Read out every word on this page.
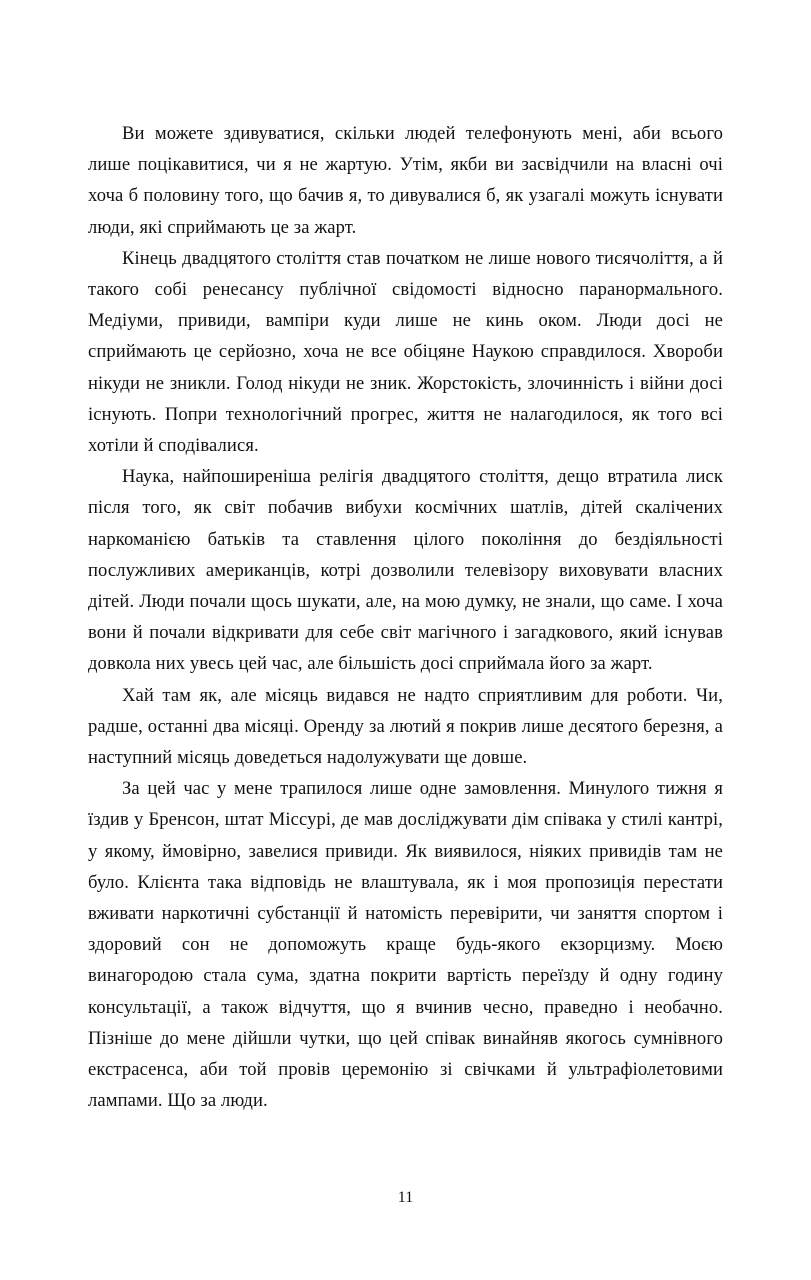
Ви можете здивуватися, скільки людей телефонують мені, аби всього лише поцікавитися, чи я не жартую. Утім, якби ви засвідчили на власні очі хоча б половину того, що бачив я, то дивувалися б, як узагалі можуть існувати люди, які сприймають це за жарт.

Кінець двадцятого століття став початком не лише нового тисячоліття, а й такого собі ренесансу публічної свідомості відносно паранормального. Медіуми, привиди, вампіри куди лише не кинь оком. Люди досі не сприймають це серйозно, хоча не все обіцяне Наукою справдилося. Хвороби нікуди не зникли. Голод нікуди не зник. Жорстокість, злочинність і війни досі існують. Попри технологічний прогрес, життя не налагодилося, як того всі хотіли й сподівалися.

Наука, найпоширеніша релігія двадцятого століття, дещо втратила лиск після того, як світ побачив вибухи космічних шатлів, дітей скалічених наркоманією батьків та ставлення цілого покоління до бездіяльності послужливих американців, котрі дозволили телевізору виховувати власних дітей. Люди почали щось шукати, але, на мою думку, не знали, що саме. І хоча вони й почали відкривати для себе світ магічного і загадкового, який існував довкола них увесь цей час, але більшість досі сприймала його за жарт.

Хай там як, але місяць видався не надто сприятливим для роботи. Чи, радше, останні два місяці. Оренду за лютий я покрив лише десятого березня, а наступний місяць доведеться надолужувати ще довше.

За цей час у мене трапилося лише одне замовлення. Минулого тижня я їздив у Бренсон, штат Міссурі, де мав досліджувати дім співака у стилі кантрі, у якому, ймовірно, завелися привиди. Як виявилося, ніяких привидів там не було. Клієнта така відповідь не влаштувала, як і моя пропозиція перестати вживати наркотичні субстанції й натомість перевірити, чи заняття спортом і здоровий сон не допоможуть краще будь-якого екзорцизму. Моєю винагородою стала сума, здатна покрити вартість переїзду й одну годину консультації, а також відчуття, що я вчинив чесно, праведно і необачно. Пізніше до мене дійшли чутки, що цей співак винайняв якогось сумнівного екстрасенса, аби той провів церемонію зі свічками й ультрафіолетовими лампами. Що за люди.

11
